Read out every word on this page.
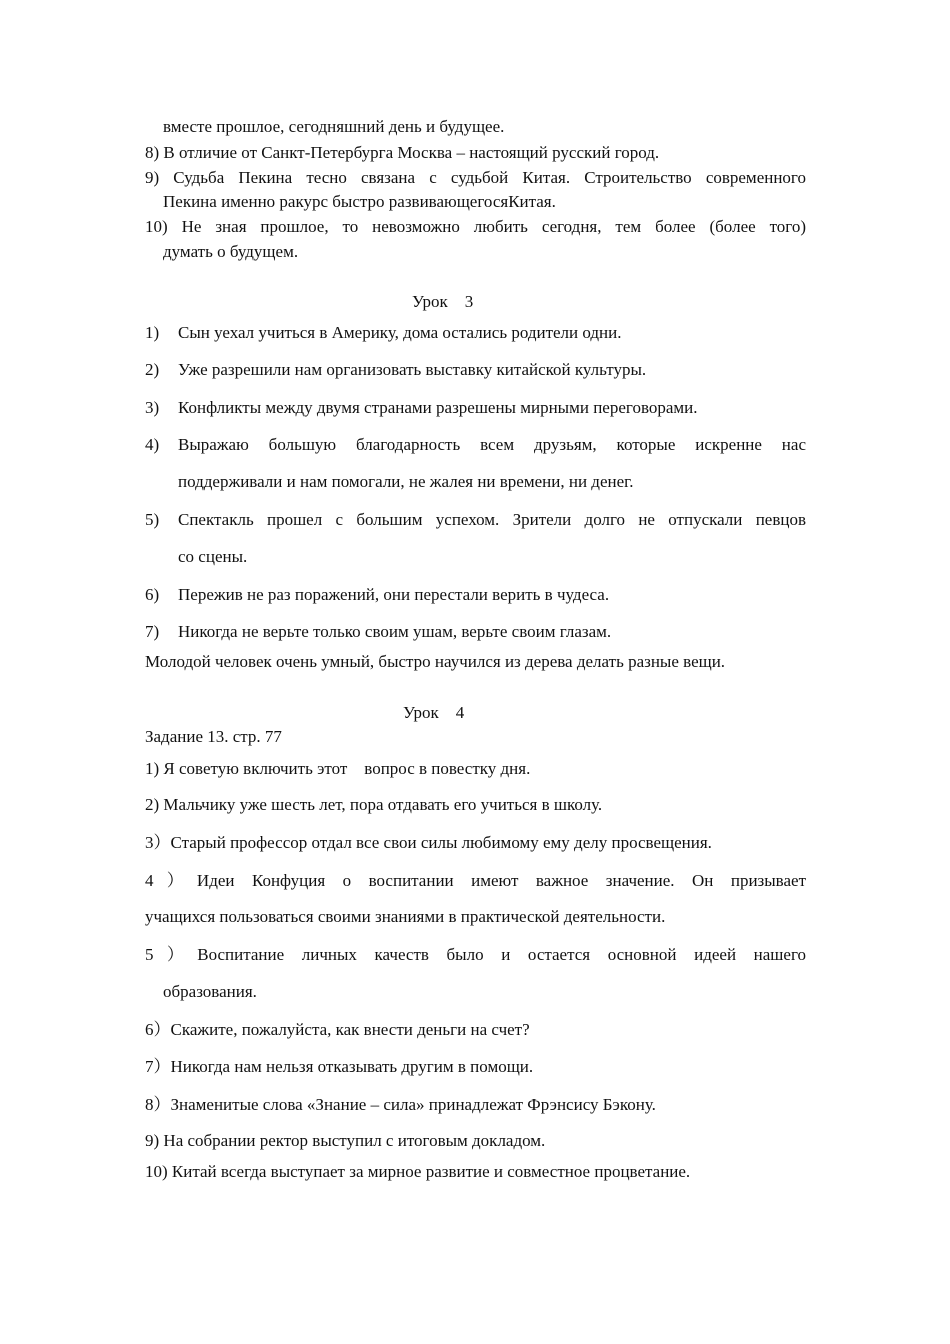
вместе прошлое, сегодняшний день и будущее.
8) В отличие от Санкт-Петербурга Москва – настоящий русский город.
9) Судьба Пекина тесно связана с судьбой Китая. Строительство современного
Пекина именно ракурс быстро развивающегосяКитая.
10) Не зная прошлое, то невозможно любить сегодня, тем более (более того)
думать о будущем.
Урок　3
1) Сын уехал учиться в Америку, дома остались родители одни.
2) Уже разрешили нам организовать выставку китайской культуры.
3) Конфликты между двумя странами разрешены мирными переговорами.
4) Выражаю большую благодарность всем друзьям, которые искренне нас
поддерживали и нам помогали, не жалея ни времени, ни денег.
5) Спектакль прошел с большим успехом. Зрители долго не отпускали певцов
со сцены.
6) Пережив не раз поражений, они перестали верить в чудеса.
7) Никогда не верьте только своим ушам, верьте своим глазам.
Молодой человек очень умный, быстро научился из дерева делать разные вещи.
Урок　4
Задание 13. стр. 77
1) Я советую включить этот　вопрос в повестку дня.
2) Мальчику уже шесть лет, пора отдавать его учиться в школу.
3）Старый профессор отдал все свои силы любимому ему делу просвещения.
4）Идеи Конфуция о воспитании имеют важное значение. Он призывает
учащихся пользоваться своими знаниями в практической деятельности.
5）Воспитание личных качеств было и остается основной идеей нашего
образования.
6）Скажите, пожалуйста, как внести деньги на счет?
7）Никогда нам нельзя отказывать другим в помощи.
8）Знаменитые слова «Знание – сила» принадлежат Фрэнсису Бэкону.
9) На собрании ректор выступил с итоговым докладом.
10) Китай всегда выступает за мирное развитие и совместное процветание.
